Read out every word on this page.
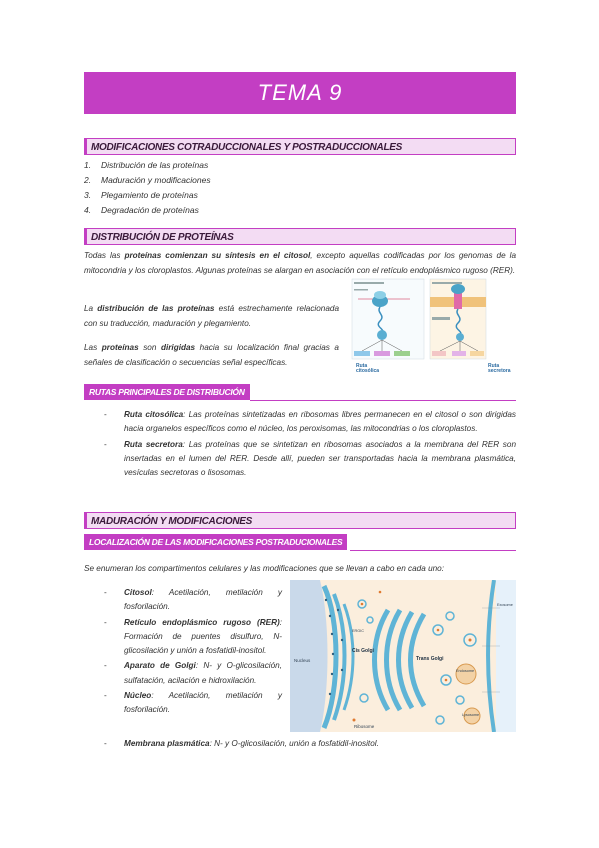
TEMA 9
MODIFICACIONES COTRADUCCIONALES Y POSTRADUCCIONALES
1. Distribución de las proteínas
2. Maduración y modificaciones
3. Plegamiento de proteínas
4. Degradación de proteínas
DISTRIBUCIÓN DE PROTEÍNAS
Todas las proteínas comienzan su síntesis en el citosol, excepto aquellas codificadas por los genomas de la mitocondria y los cloroplastos. Algunas proteínas se alargan en asociación con el retículo endoplásmico rugoso (RER).
La distribución de las proteínas está estrechamente relacionada con su traducción, maduración y plegamiento.
Las proteínas son dirigidas hacia su localización final gracias a señales de clasificación o secuencias señal específicas.	Ruta
citosólica
Ruta
secretora
RUTAS PRINCIPALES DE DISTRIBUCIÓN
- Ruta citosólica: Las proteínas sintetizadas en ribosomas libres permanecen en el citosol o son dirigidas hacia organelos específicos como el núcleo, los peroxisomas, las mitocondrias o los cloroplastos.
- Ruta secretora: Las proteínas que se sintetizan en ribosomas asociados a la membrana del RER son insertadas en el lumen del RER. Desde allí, pueden ser transportadas hacia la membrana plasmática, vesículas secretoras o lisosomas.
MADURACIÓN Y MODIFICACIONES
LOCALIZACIÓN DE LAS MODIFICACIONES POSTRADUCIONALES
Se enumeran los compartimentos celulares y las modificaciones que se llevan a cabo en cada uno:
- Citosol: Acetilación, metilación y fosforilación.
- Retículo endoplásmico rugoso (RER): Formación de puentes disulfuro, N-glicosilación y unión a fosfatidil-inositol.
- Aparato de Golgi: N- y O-glicosilación, sulfatación, acilación e hidroxilación.
- Núcleo: Acetilación, metilación y fosforilación.
- Membrana plasmática: N- y O-glicosilación, unión a fosfatidil-inositol.
Nucleus
Cis Golgi
Trans Golgi
Ribosome
Endosome
Lysosome
Exosome
ERGIC
